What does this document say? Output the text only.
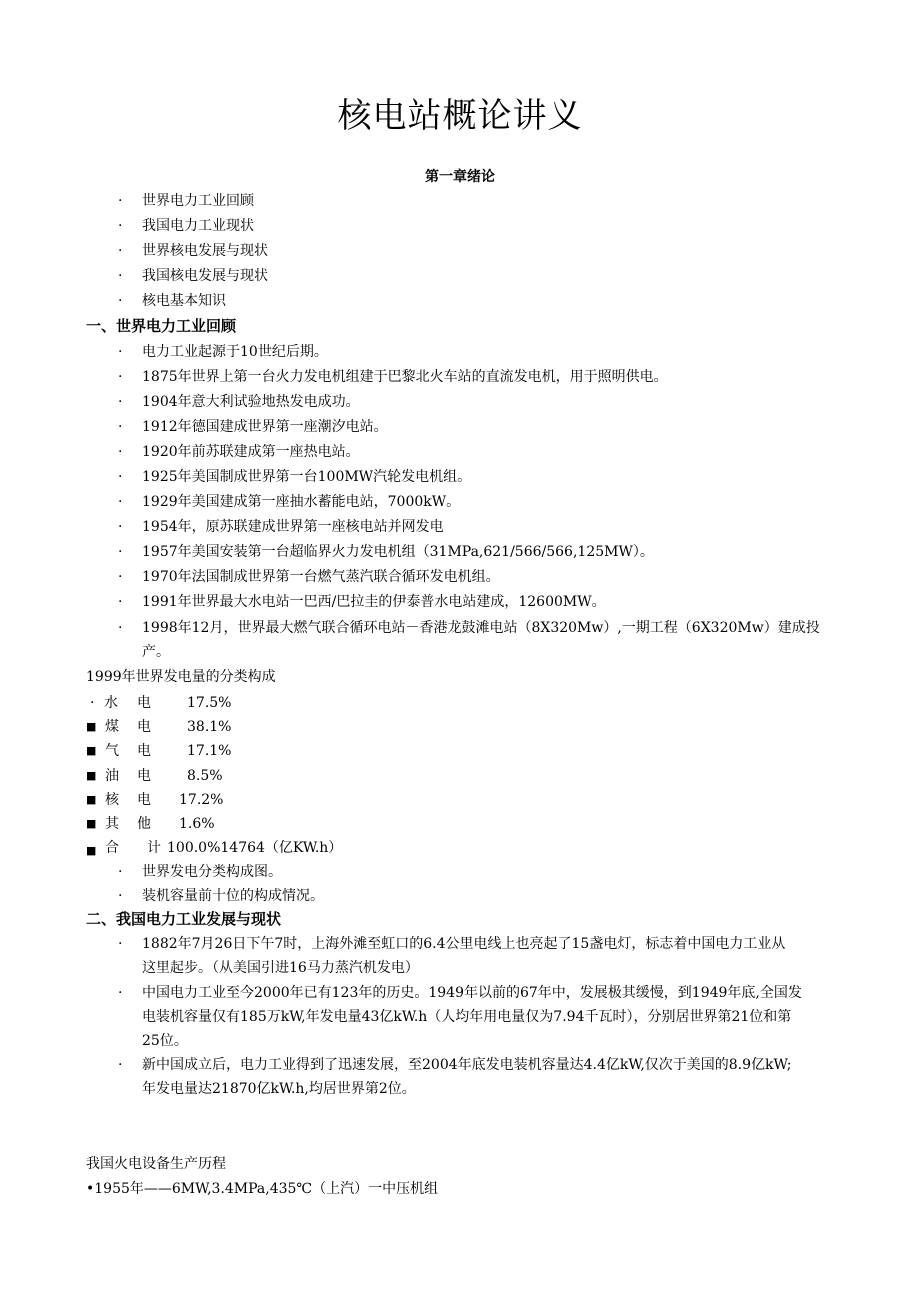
核电站概论讲义
第一章绪论
· 世界电力工业回顾
· 我国电力工业现状
· 世界核电发展与现状
· 我国核电发展与现状
· 核电基本知识
一、世界电力工业回顾
· 电力工业起源于10世纪后期。
· 1875年世界上第一台火力发电机组建于巴黎北火车站的直流发电机，用于照明供电。
· 1904年意大利试验地热发电成功。
· 1912年德国建成世界第一座潮汐电站。
· 1920年前苏联建成第一座热电站。
· 1925年美国制成世界第一台100MW汽轮发电机组。
· 1929年美国建成第一座抽水蓄能电站，7000kW。
· 1954年，原苏联建成世界第一座核电站并网发电
· 1957年美国安装第一台超临界火力发电机组（31MPa,621/566/566,125MW）。
· 1970年法国制成世界第一台燃气蒸汽联合循环发电机组。
· 1991年世界最大水电站一巴西/巴拉圭的伊泰普水电站建成，12600MW。
· 1998年12月，世界最大燃气联合循环电站－香港龙鼓滩电站（8X320Mw）,一期工程（6X320Mw）建成投
产。
1999年世界发电量的分类构成
· 水 电	17.5%
■ 煤 电	38.1%
■ 气 电	17.1%
■ 油 电	8.5%
■ 核 电 17.2%
■ 其 他 1.6%
■ 合 计 100.0%14764（亿KW.h）
· 世界发电分类构成图。
· 装机容量前十位的构成情况。
二、我国电力工业发展与现状
· 1882年7月26日下午7时，上海外滩至虹口的6.4公里电线上也亮起了15盏电灯，标志着中国电力工业从
这里起步。（从美国引进16马力蒸汽机发电）
· 中国电力工业至今2000年已有123年的历史。1949年以前的67年中，发展极其缓慢，到1949年底,全国发
电装机容量仅有185万kW,年发电量43亿kW.h（人均年用电量仅为7.94千瓦时），分别居世界第21位和第
25位。
· 新中国成立后，电力工业得到了迅速发展，至2004年底发电装机容量达4.4亿kW,仅次于美国的8.9亿kW;
年发电量达21870亿kW.h,均居世界第2位。
我国火电设备生产历程
•1955年——6MW,3.4MPa,435℃（上汽）一中压机组
